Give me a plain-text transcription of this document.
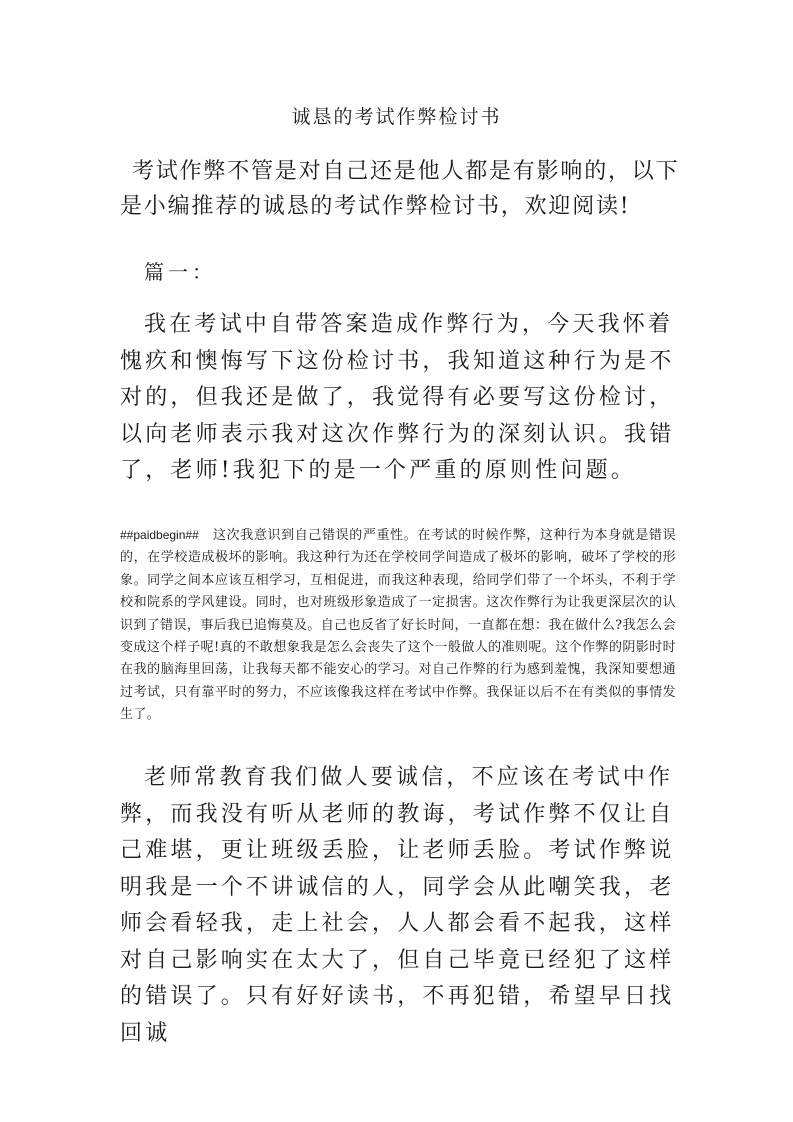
诚恳的考试作弊检讨书

考试作弊不管是对自己还是他人都是有影响的，以下是小编推荐的诚恳的考试作弊检讨书，欢迎阅读!

篇一：

我在考试中自带答案造成作弊行为，今天我怀着愧疚和懊悔写下这份检讨书，我知道这种行为是不对的，但我还是做了，我觉得有必要写这份检讨，以向老师表示我对这次作弊行为的深刻认识。我错了，老师!我犯下的是一个严重的原则性问题。

##paidbegin## 这次我意识到自己错误的严重性。在考试的时候作弊，这种行为本身就是错误的，在学校造成极坏的影响。我这种行为还在学校同学间造成了极坏的影响，破坏了学校的形象。同学之间本应该互相学习，互相促进，而我这种表现，给同学们带了一个坏头，不利于学校和院系的学风建设。同时，也对班级形象造成了一定损害。这次作弊行为让我更深层次的认识到了错误，事后我已追悔莫及。自己也反省了好长时间，一直都在想：我在做什么?我怎么会变成这个样子呢!真的不敢想象我是怎么会丧失了这个一般做人的准则呢。这个作弊的阴影时时在我的脑海里回荡，让我每天都不能安心的学习。对自己作弊的行为感到羞愧，我深知要想通过考试，只有靠平时的努力，不应该像我这样在考试中作弊。我保证以后不在有类似的事情发生了。

老师常教育我们做人要诚信，不应该在考试中作弊，而我没有听从老师的教诲，考试作弊不仅让自己难堪，更让班级丢脸，让老师丢脸。考试作弊说明我是一个不讲诚信的人，同学会从此嘲笑我，老师会看轻我，走上社会，人人都会看不起我，这样对自己影响实在太大了，但自己毕竟已经犯了这样的错误了。只有好好读书，不再犯错，希望早日找回诚
